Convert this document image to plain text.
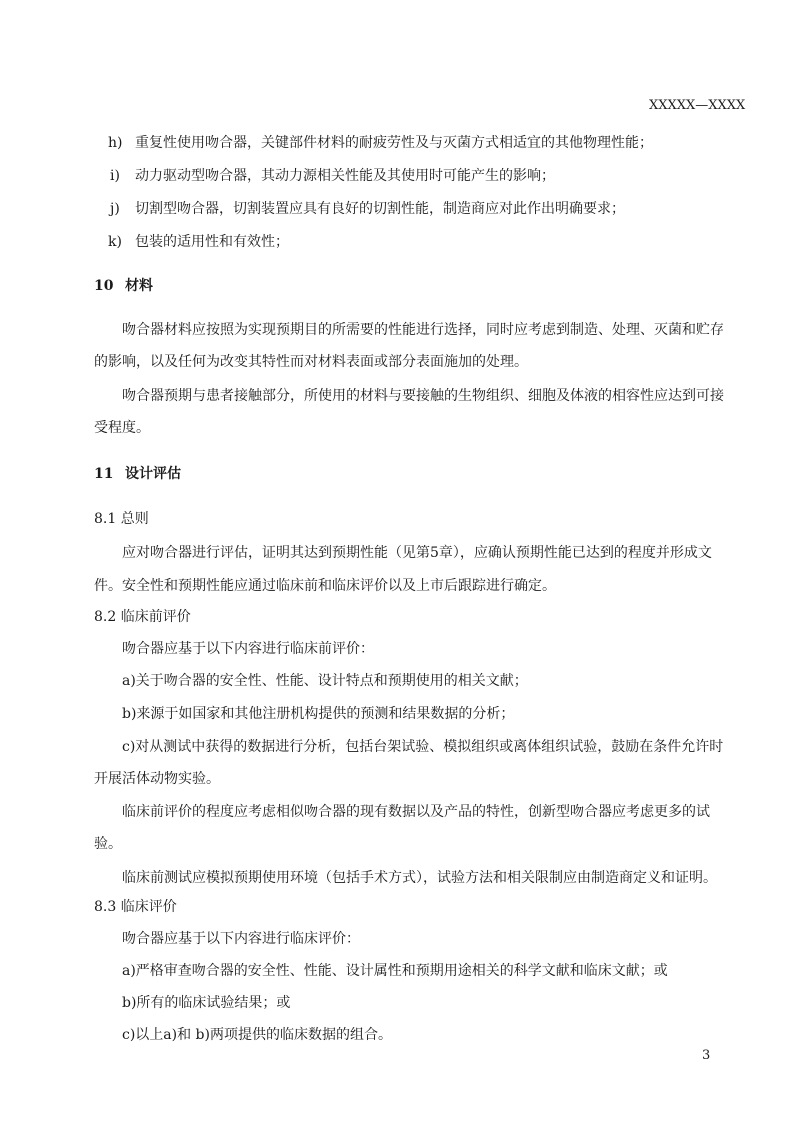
XXXXX—XXXX
h) 重复性使用吻合器，关键部件材料的耐疲劳性及与灭菌方式相适宜的其他物理性能；
i) 动力驱动型吻合器，其动力源相关性能及其使用时可能产生的影响；
j) 切割型吻合器，切割装置应具有良好的切割性能，制造商应对此作出明确要求；
k) 包装的适用性和有效性；
10 材料
吻合器材料应按照为实现预期目的所需要的性能进行选择，同时应考虑到制造、处理、灭菌和贮存
的影响，以及任何为改变其特性而对材料表面或部分表面施加的处理。
吻合器预期与患者接触部分，所使用的材料与要接触的生物组织、细胞及体液的相容性应达到可接
受程度。
11 设计评估
8.1 总则
应对吻合器进行评估，证明其达到预期性能（见第5章），应确认预期性能已达到的程度并形成文
件。安全性和预期性能应通过临床前和临床评价以及上市后跟踪进行确定。
8.2 临床前评价
吻合器应基于以下内容进行临床前评价：
a)关于吻合器的安全性、性能、设计特点和预期使用的相关文献；
b)来源于如国家和其他注册机构提供的预测和结果数据的分析；
c)对从测试中获得的数据进行分析，包括台架试验、模拟组织或离体组织试验，鼓励在条件允许时
开展活体动物实验。
临床前评价的程度应考虑相似吻合器的现有数据以及产品的特性，创新型吻合器应考虑更多的试
验。
临床前测试应模拟预期使用环境（包括手术方式），试验方法和相关限制应由制造商定义和证明。
8.3 临床评价
吻合器应基于以下内容进行临床评价：
a)严格审查吻合器的安全性、性能、设计属性和预期用途相关的科学文献和临床文献；或
b)所有的临床试验结果；或
c)以上a)和 b)两项提供的临床数据的组合。
3
